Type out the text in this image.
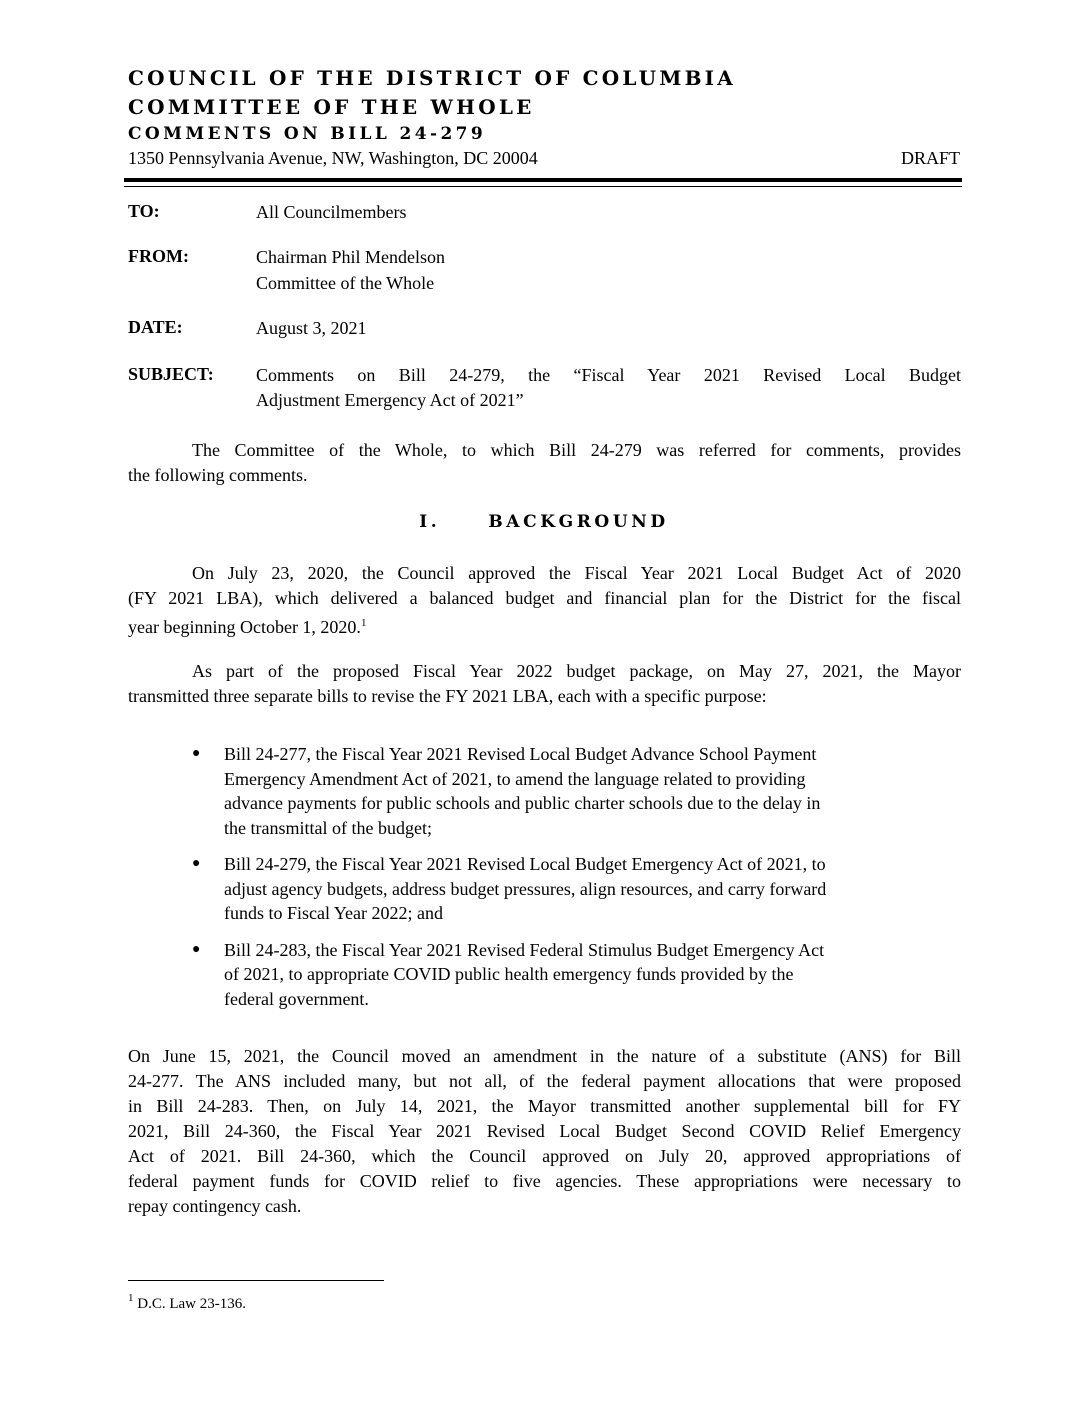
COUNCIL OF THE DISTRICT OF COLUMBIA
COMMITTEE OF THE WHOLE
COMMENTS ON BILL 24-279
1350 Pennsylvania Avenue, NW, Washington, DC 20004	DRAFT
TO:	All Councilmembers
FROM:	Chairman Phil Mendelson
Committee of the Whole
DATE:	August 3, 2021
SUBJECT: Comments on Bill 24-279, the “Fiscal Year 2021 Revised Local Budget
Adjustment Emergency Act of 2021”
The Committee of the Whole, to which Bill 24-279 was referred for comments, provides
the following comments.
I.	BACKGROUND
On July 23, 2020, the Council approved the Fiscal Year 2021 Local Budget Act of 2020
(FY 2021 LBA), which delivered a balanced budget and financial plan for the District for the fiscal
year beginning October 1, 2020.$^1$
As part of the proposed Fiscal Year 2022 budget package, on May 27, 2021, the Mayor
transmitted three separate bills to revise the FY 2021 LBA, each with a specific purpose:
● Bill 24-277, the Fiscal Year 2021 Revised Local Budget Advance School Payment
Emergency Amendment Act of 2021, to amend the language related to providing
advance payments for public schools and public charter schools due to the delay in
the transmittal of the budget;
● Bill 24-279, the Fiscal Year 2021 Revised Local Budget Emergency Act of 2021, to
adjust agency budgets, address budget pressures, align resources, and carry forward
funds to Fiscal Year 2022; and
● Bill 24-283, the Fiscal Year 2021 Revised Federal Stimulus Budget Emergency Act
of 2021, to appropriate COVID public health emergency funds provided by the
federal government.
On June 15, 2021, the Council moved an amendment in the nature of a substitute (ANS) for Bill
24-277. The ANS included many, but not all, of the federal payment allocations that were proposed
in Bill 24-283. Then, on July 14, 2021, the Mayor transmitted another supplemental bill for FY
2021, Bill 24-360, the Fiscal Year 2021 Revised Local Budget Second COVID Relief Emergency
Act of 2021. Bill 24-360, which the Council approved on July 20, approved appropriations of
federal payment funds for COVID relief to five agencies. These appropriations were necessary to
repay contingency cash.
$^1$ D.C. Law 23-136.
